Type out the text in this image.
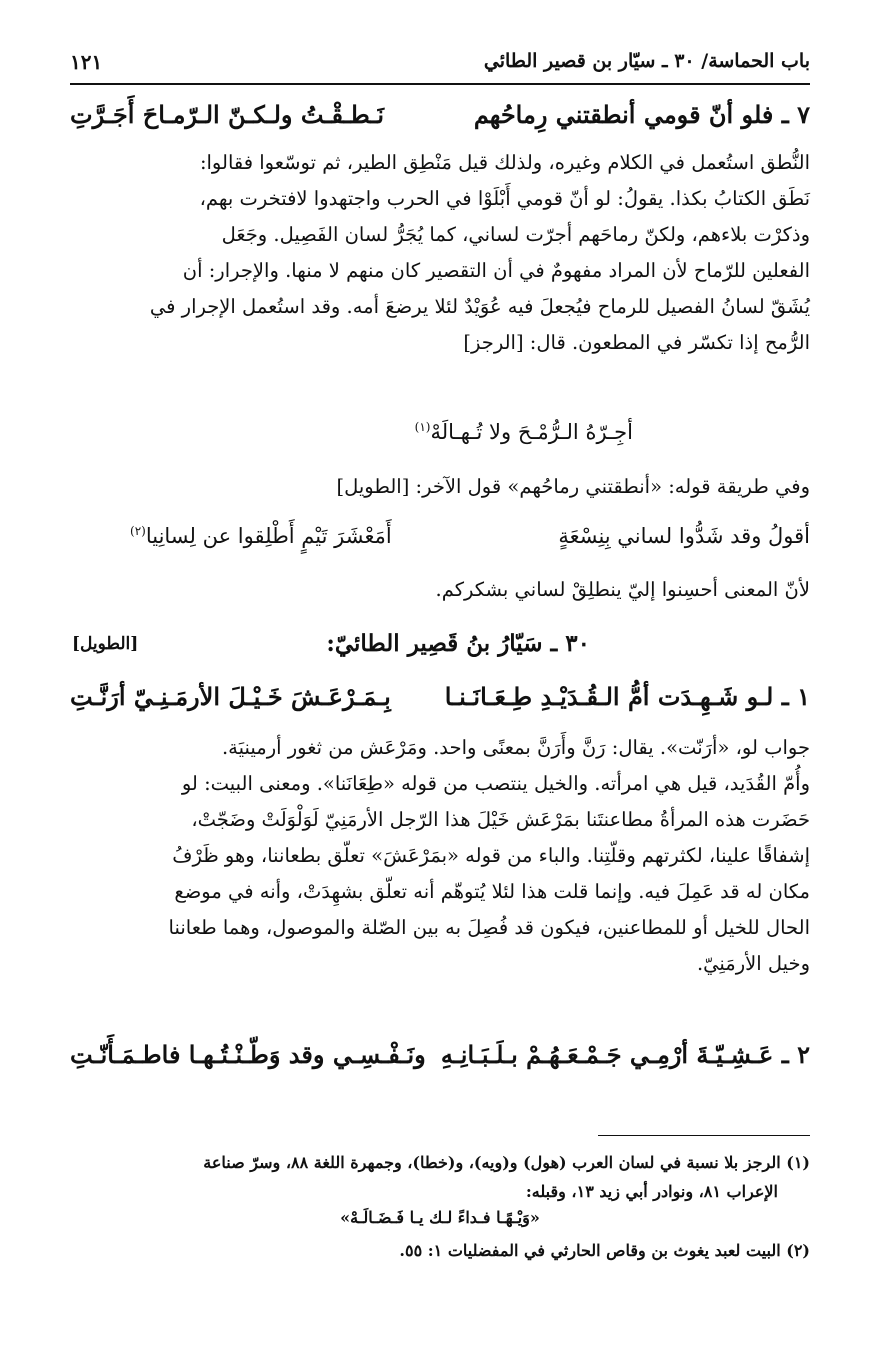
باب الحماسة/ ٣٠ ـ سيّار بن قصير الطائي
١٢١
٧ ـ فلو أنّ قومي أنطقتني رِماحُهم
نَـطـقْـتُ ولـكـنّ الـرّمـاحَ أَجَـرَّتِ
النُّطق استُعمل في الكلام وغيره، ولذلك قيل مَنْطِق الطير، ثم توسّعوا فقالوا:
نَطَق الكتابُ بكذا. يقولُ: لو أنّ قومي أَبْلَوْا في الحرب واجتهدوا لافتخرت بهم،
وذكرْت بلاءهم، ولكنّ رماحَهم أجرّت لساني، كما يُجَرُّ لسان الفَصِيل. وجَعَل
الفعلين للرّماح لأن المراد مفهومٌ في أن التقصير كان منهم لا منها. والإجرار: أن
يُشَقّ لسانُ الفصيل للرماح فيُجعلَ فيه عُوَيْدٌ لئلا يرضعَ أمه. وقد استُعمل الإجرار في
الرُّمح إذا تكسّر في المطعون. قال: [الرجز]
أجِـرّهُ الـرُّمْـحَ ولا تُـهـالَهْ$^{(١)}$
وفي طريقة قوله: «أنطقتني رماحُهم» قول الآخر: [الطويل]
أقولُ وقد شَدُّوا لساني بِنِسْعَةٍ
أَمَعْشَرَ تَيْمٍ أَطْلِقوا عن لِسانِيا$^{(٢)}$
لأنّ المعنى أحسِنوا إليّ ينطلِقْ لساني بشكركم.
٣٠ ـ سَيّارُ بنُ قَصِير الطائيّ:
[الطويل]
١ ـ لـو شَـهِـدَت أمُّ الـقُـدَيْـدِ طِـعَـانَـنـا
بِـمَـرْعَـشَ خَـيْـلَ الأرمَـنِـيّ أرَنَّـتِ
جواب لو، «أرَنّت». يقال: رَنَّ وأَرَنَّ بمعنًى واحد. ومَرْعَش من ثغور أرمينيَة.
وأُمّ القُدَيد، قيل هي امرأته. والخيل ينتصب من قوله «طِعَانَنا». ومعنى البيت: لو
حَضَرت هذه المرأةُ مطاعنتَنا بمَرْعَش خَيْلَ هذا الرّجل الأرمَنِيّ لَوَلْوَلَتْ وضَجّتْ،
إشفاقًا علينا، لكثرتهم وقلّتِنا. والباء من قوله «بمَرْعَشَ» تعلّق بطعاننا، وهو ظَرْفُ
مكان له قد عَمِلَ فيه. وإنما قلت هذا لئلا يُتوهّم أنه تعلّق بشهِدَتْ، وأنه في موضع
الحال للخيل أو للمطاعنين، فيكون قد فُصِلَ به بين الصّلة والموصول، وهما طعاننا
وخيل الأرمَنِيّ.
٢ ـ عَـشِـيّـةَ أرْمِـي جَـمْـعَـهُـمْ بـلَـبَـانِـهِ
ونَـفْـسِـي وقد وَطّـنْـتُـهـا فاطـمَـأَنّـتِ
(١) الرجز بلا نسبة في لسان العرب (هول) و(ويه)، و(خطا)، وجمهرة اللغة ٨٨، وسرّ صناعة
الإعراب ٨١، ونوادر أبي زيد ١٣، وقبله:
«وَيْـهًـا فـداءً لـك يـا فَـضَـالَـهْ»
(٢) البيت لعبد يغوث بن وقاص الحارثي في المفضليات ١: ٥٥.
